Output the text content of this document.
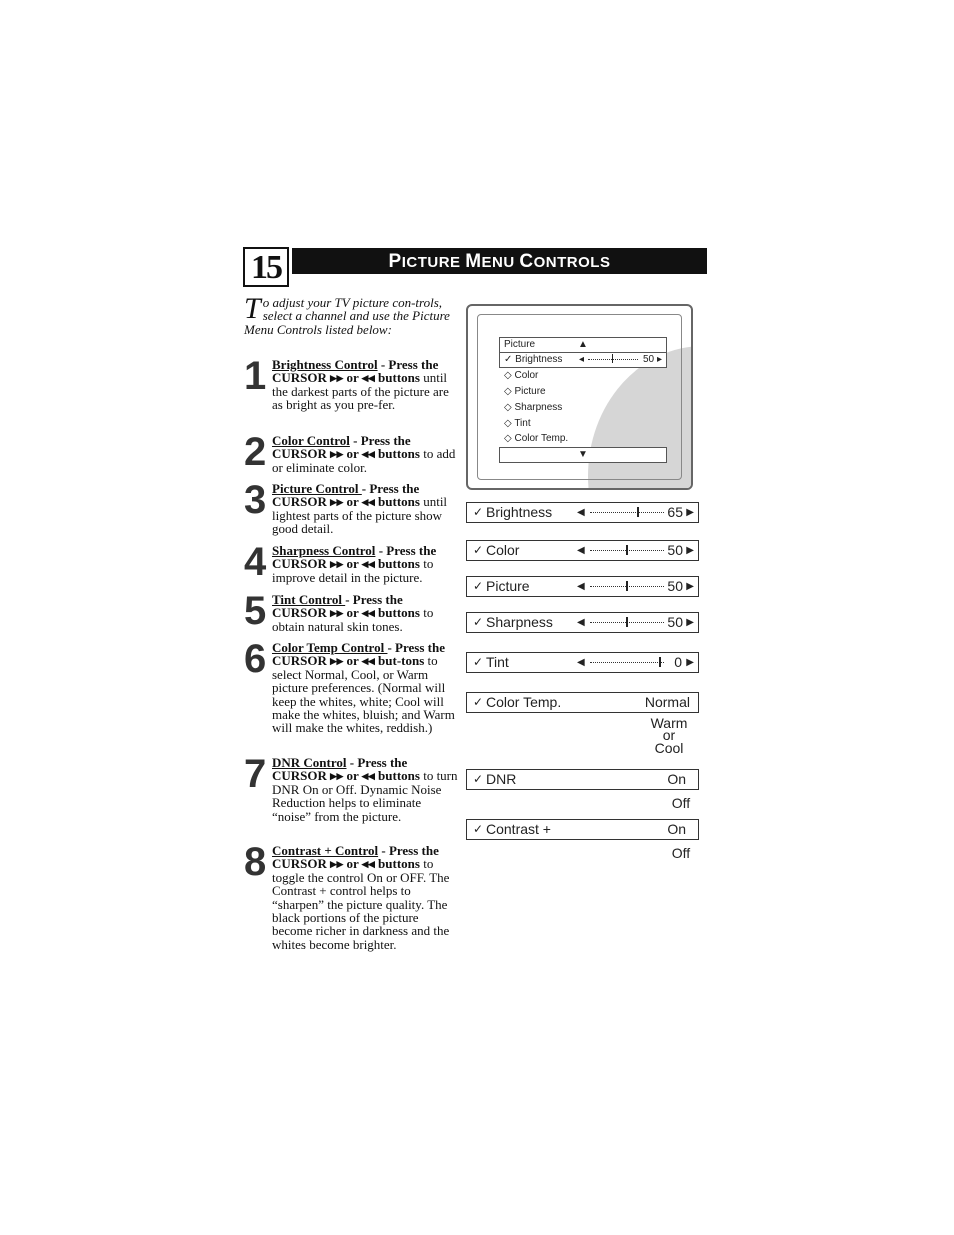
15	PICTURE MENU CONTROLS
To adjust your TV picture con-trols, select a channel and use the Picture Menu Controls listed below:
1 Brightness Control - Press the CURSOR ▸▸ or ◂◂ buttons until the darkest parts of the picture are as bright as you pre-fer.
2 Color Control - Press the CURSOR ▸▸ or ◂◂ buttons to add or eliminate color.
3 Picture Control - Press the CURSOR ▸▸ or ◂◂ buttons until lightest parts of the picture show good detail.
4 Sharpness Control - Press the CURSOR ▸▸ or ◂◂ buttons to improve detail in the picture.
5 Tint Control - Press the CURSOR ▸▸ or ◂◂ buttons to obtain natural skin tones.
6 Color Temp Control - Press the CURSOR ▸▸ or ◂◂ but-tons to select Normal, Cool, or Warm picture preferences. (Normal will keep the whites, white; Cool will make the whites, bluish; and Warm will make the whites, reddish.)
7 DNR Control - Press the CURSOR ▸▸ or ◂◂ buttons to turn DNR On or Off. Dynamic Noise Reduction helps to eliminate “noise” from the picture.
8 Contrast + Control - Press the CURSOR ▸▸ or ◂◂ buttons to toggle the control On or OFF. The Contrast + control helps to “sharpen” the picture quality. The black portions of the picture become richer in darkness and the whites become brighter.
Picture	▲
✓ Brightness ◂	50 ▸
◇ Color
◇ Picture
◇ Sharpness
◇ Tint
◇ Color Temp.
▼
✓ Brightness ◀	65 ▶
✓ Color	◀	50 ▶
✓ Picture	◀	50 ▶
✓ Sharpness ◀	50 ▶
✓ Tint	◀	0 ▶
✓ Color Temp.	Normal
Warm
or
Cool
✓ DNR	On
Off
✓ Contrast +	On
Off
